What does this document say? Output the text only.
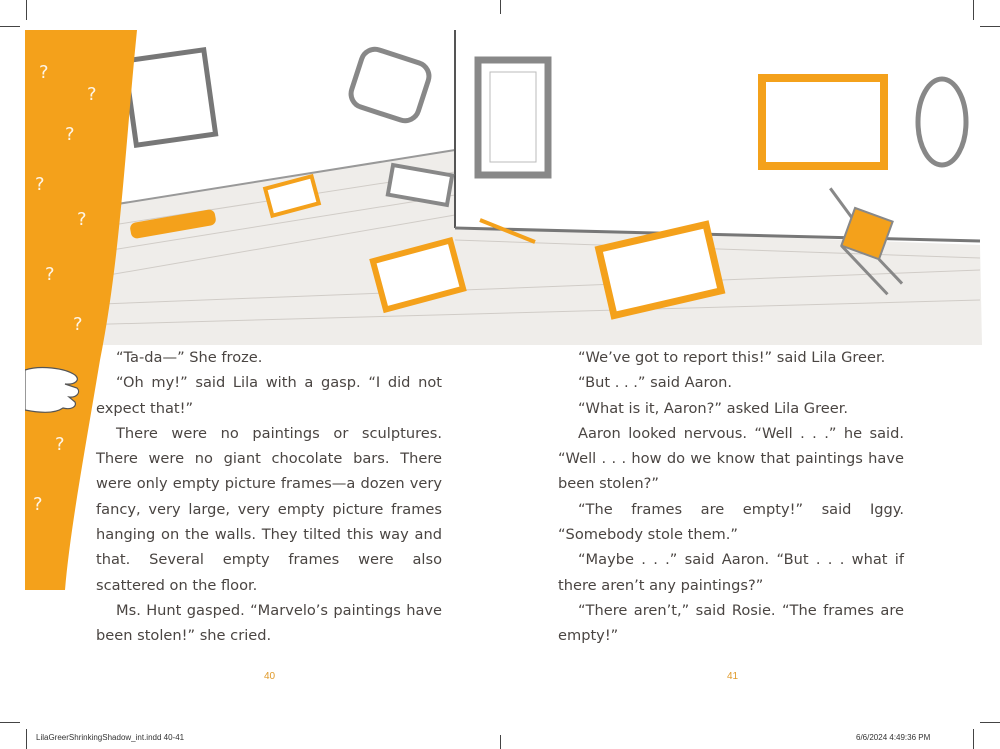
?
?
?
?
?
?
?
?
?

“Ta-da—” She froze.

“Oh my!” said Lila with a gasp. “I did not expect that!”

There were no paintings or sculptures. There were no giant chocolate bars. There were only empty picture frames—a dozen very fancy, very large, very empty picture frames hanging on the walls. They tilted this way and that. Several empty frames were also scattered on the floor.

Ms. Hunt gasped. “Marvelo’s paintings have been stolen!” she cried.

“We’ve got to report this!” said Lila Greer.

“But . . .” said Aaron.

“What is it, Aaron?” asked Lila Greer.

Aaron looked nervous. “Well . . .” he said. “Well . . . how do we know that paintings have been stolen?”

“The frames are empty!” said Iggy. “Somebody stole them.”

“Maybe . . .” said Aaron. “But . . . what if there aren’t any paintings?”

“There aren’t,” said Rosie. “The frames are empty!”

40	41
LilaGreerShrinkingShadow_int.indd 40-41	6/6/2024 4:49:36 PM
